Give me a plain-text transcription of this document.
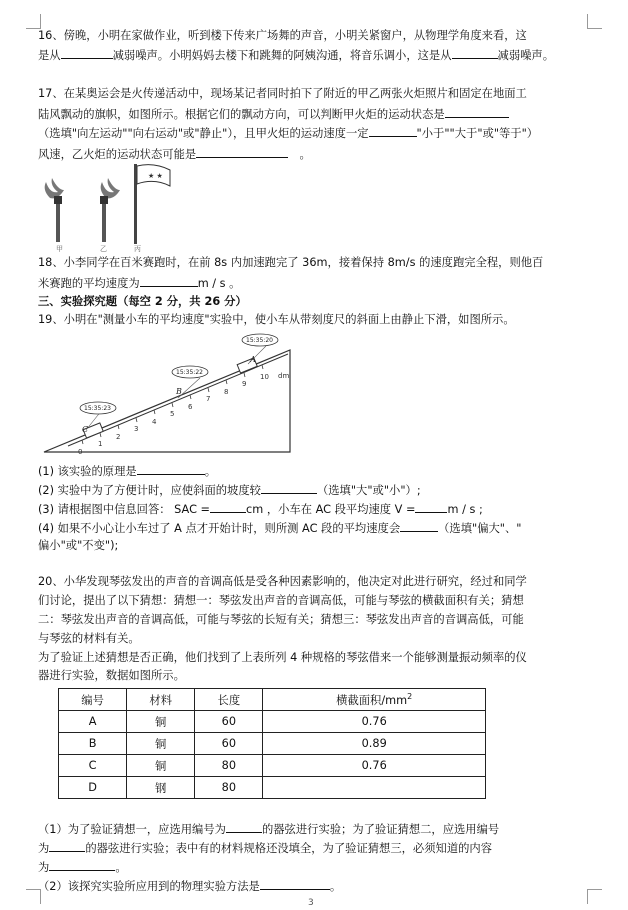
16、傍晚，小明在家做作业，听到楼下传来广场舞的声音，小明关紧窗户，从物理学角度来看，这
是从	减弱噪声。小明妈妈去楼下和跳舞的阿姨沟通，将音乐调小，这是从	减弱噪声。
17、在某奥运会是火传递活动中，现场某记者同时拍下了附近的甲乙两张火炬照片和固定在地面工
陆风飘动的旗帜，如图所示。根据它们的飘动方向，可以判断甲火炬的运动状态是
（选填"向左运动""向右运动"或"静止"），且甲火炬的运动速度一定	"小于""大于"或"等于"）
风速，乙火炬的运动状态可能是　	。
★ ★
甲	乙	丙
18、小李同学在百米赛跑时，在前 8s 内加速跑完了 36m，接着保持 8m/s 的速度跑完全程，则他百
米赛跑的平均速度为	m / s 。
三、实验探究题（每空 2 分，共 26 分）
19、小明在"测量小车的平均速度"实验中，使小车从带刻度尺的斜面上由静止下滑，如图所示。
0
1
2
3
4
5
6
7
8
9
10 dm
15:35:23
15:35:22
15:35:20
C
B
A
(1) 该实验的原理是	。
(2) 实验中为了方便计时，应使斜面的坡度较	（选填"大"或"小"）;
(3) 请根据图中信息回答： SAC =	cm ，小车在 AC 段平均速度 V =	m / s ;
(4) 如果不小心让小车过了 A 点才开始计时，则所测 AC 段的平均速度会	（选填"偏大"、"
偏小"或"不变");
20、小华发现琴弦发出的声音的音调高低是受各种因素影响的，他决定对此进行研究，经过和同学
们讨论，提出了以下猜想：猜想一：琴弦发出声音的音调高低，可能与琴弦的横截面积有关；猜想
二：琴弦发出声音的音调高低，可能与琴弦的长短有关；猜想三：琴弦发出声音的音调高低，可能
与琴弦的材料有关。
为了验证上述猜想是否正确，他们找到了上表所列 4 种规格的琴弦借来一个能够测量振动频率的仪
器进行实验，数据如图所示。
编号	材料	长度	横截面积$/mm^2$
A	铜	60	0.76
B	铜	60	0.89
C	铜	80	0.76
D	钢	80	
（1）为了验证猜想一，应选用编号为	的器弦进行实验；为了验证猜想二，应选用编号
为	的器弦进行实验；表中有的材料规格还没填全，为了验证猜想三，必须知道的内容
为	。
（2）该探究实验所应用到的物理实验方法是	。
3
